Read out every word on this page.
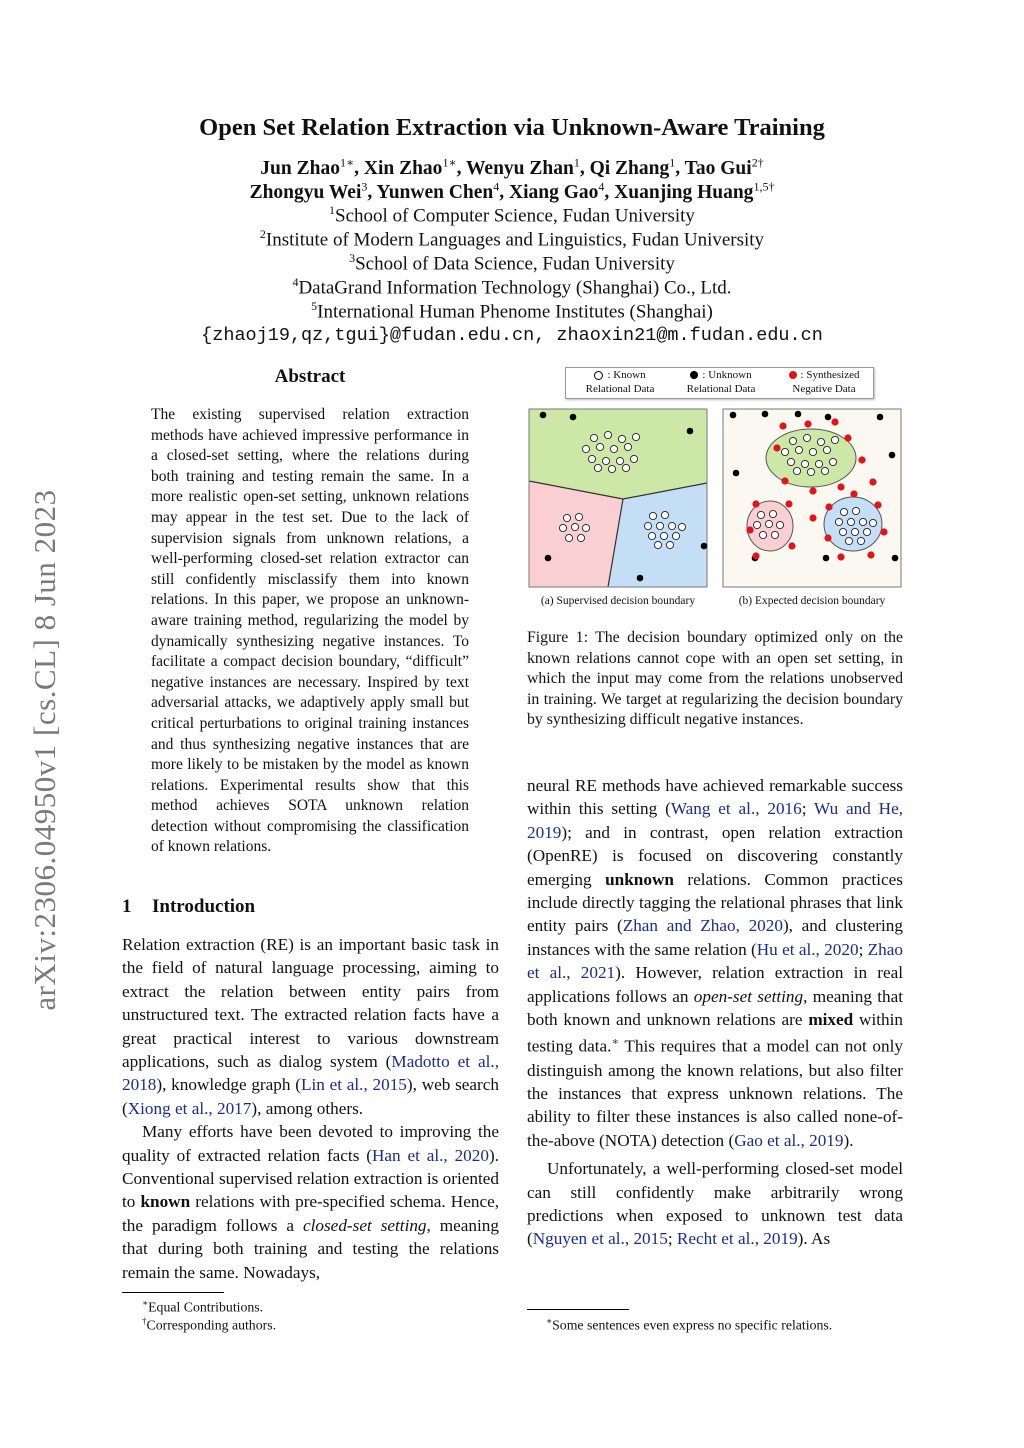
arXiv:2306.04950v1 [cs.CL] 8 Jun 2023
Open Set Relation Extraction via Unknown-Aware Training
Jun Zhao$^{1∗}$, Xin Zhao$^{1∗}$, Wenyu Zhan$^1$, Qi Zhang$^1$, Tao Gui$^{2\dagger}$
Zhongyu Wei$^3$, Yunwen Chen$^4$, Xiang Gao$^4$, Xuanjing Huang$^{1,5\dagger}$
$^1$School of Computer Science, Fudan University
$^2$Institute of Modern Languages and Linguistics, Fudan University
$^3$School of Data Science, Fudan University
$^4$DataGrand Information Technology (Shanghai) Co., Ltd.
$^5$International Human Phenome Institutes (Shanghai)
{zhaoj19,qz,tgui}@fudan.edu.cn, zhaoxin21@m.fudan.edu.cn
Abstract
The existing supervised relation extraction methods have achieved impressive performance in a closed-set setting, where the relations during both training and testing remain the same. In a more realistic open-set setting, unknown relations may appear in the test set. Due to the lack of supervision signals from unknown relations, a well-performing closed-set relation extractor can still confidently misclassify them into known relations. In this paper, we propose an unknown-aware training method, regularizing the model by dynamically synthesizing negative instances. To facilitate a compact decision boundary, “difficult” negative instances are necessary. Inspired by text adversarial attacks, we adaptively apply small but critical perturbations to original training instances and thus synthesizing negative instances that are more likely to be mistaken by the model as known relations. Experimental results show that this method achieves SOTA unknown relation detection without compromising the classification of known relations.
1 Introduction

Relation extraction (RE) is an important basic task in the field of natural language processing, aiming to extract the relation between entity pairs from unstructured text. The extracted relation facts have a great practical interest to various downstream applications, such as dialog system (Madotto et al., 2018), knowledge graph (Lin et al., 2015), web search (Xiong et al., 2017), among others.

Many efforts have been devoted to improving the quality of extracted relation facts (Han et al., 2020). Conventional supervised relation extraction is oriented to known relations with pre-specified schema. Hence, the paradigm follows a closed-set setting, meaning that during both training and testing the relations remain the same. Nowadays,

∗Equal Contributions.
†Corresponding authors.
: Known
Relational Data
: Unknown
Relational Data
: Synthesized
Negative Data
(a) Supervised decision boundary	(b) Expected decision boundary
Figure 1: The decision boundary optimized only on the known relations cannot cope with an open set setting, in which the input may come from the relations unobserved in training. We target at regularizing the decision boundary by synthesizing difficult negative instances.

neural RE methods have achieved remarkable success within this setting (Wang et al., 2016; Wu and He, 2019); and in contrast, open relation extraction (OpenRE) is focused on discovering constantly emerging unknown relations. Common practices include directly tagging the relational phrases that link entity pairs (Zhan and Zhao, 2020), and clustering instances with the same relation (Hu et al., 2020; Zhao et al., 2021). However, relation extraction in real applications follows an open-set setting, meaning that both known and unknown relations are mixed within testing data.∗ This requires that a model can not only distinguish among the known relations, but also filter the instances that express unknown relations. The ability to filter these instances is also called none-of-the-above (NOTA) detection (Gao et al., 2019).

Unfortunately, a well-performing closed-set model can still confidently make arbitrarily wrong predictions when exposed to unknown test data (Nguyen et al., 2015; Recht et al., 2019). As

∗Some sentences even express no specific relations.
